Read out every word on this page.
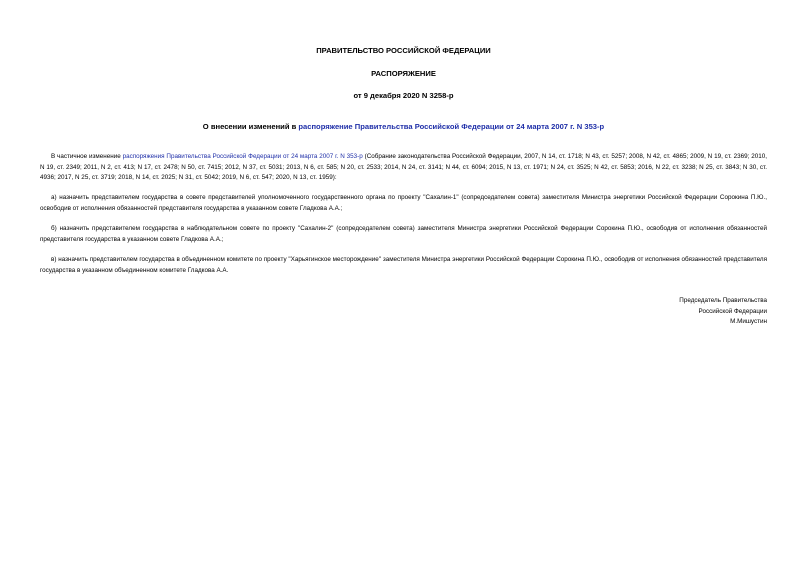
ПРАВИТЕЛЬСТВО РОССИЙСКОЙ ФЕДЕРАЦИИ
РАСПОРЯЖЕНИЕ
от 9 декабря 2020 N 3258-р
О внесении изменений в распоряжение Правительства Российской Федерации от 24 марта 2007 г. N 353-р

В частичное изменение распоряжения Правительства Российской Федерации от 24 марта 2007 г. N 353-р (Собрание законодательства Российской Федерации, 2007, N 14, ст. 1718; N 43, ст. 5257; 2008, N 42, ст. 4865; 2009, N 19, ст. 2369; 2010, N 19, ст. 2349; 2011, N 2, ст. 413; N 17, ст. 2478; N 50, ст. 7415; 2012, N 37, ст. 5031; 2013, N 6, ст. 585; N 20, ст. 2533; 2014, N 24, ст. 3141; N 44, ст. 6094; 2015, N 13, ст. 1971; N 24, ст. 3525; N 42, ст. 5853; 2016, N 22, ст. 3238; N 25, ст. 3843; N 30, ст. 4936; 2017, N 25, ст. 3719; 2018, N 14, ст. 2025; N 31, ст. 5042; 2019, N 6, ст. 547; 2020, N 13, ст. 1959):

а) назначить представителем государства в совете представителей уполномоченного государственного органа по проекту "Сахалин-1" (сопредседателем совета) заместителя Министра энергетики Российской Федерации Сорокина П.Ю., освободив от исполнения обязанностей представителя государства в указанном совете Гладкова А.А.;

б) назначить представителем государства в наблюдательном совете по проекту "Сахалин-2" (сопредседателем совета) заместителя Министра энергетики Российской Федерации Сорокина П.Ю., освободив от исполнения обязанностей представителя государства в указанном совете Гладкова А.А.;

в) назначить представителем государства в объединенном комитете по проекту "Харьягинское месторождение" заместителя Министра энергетики Российской Федерации Сорокина П.Ю., освободив от исполнения обязанностей представителя государства в указанном объединенном комитете Гладкова А.А.

Председатель Правительства
Российской Федерации
М.Мишустин
